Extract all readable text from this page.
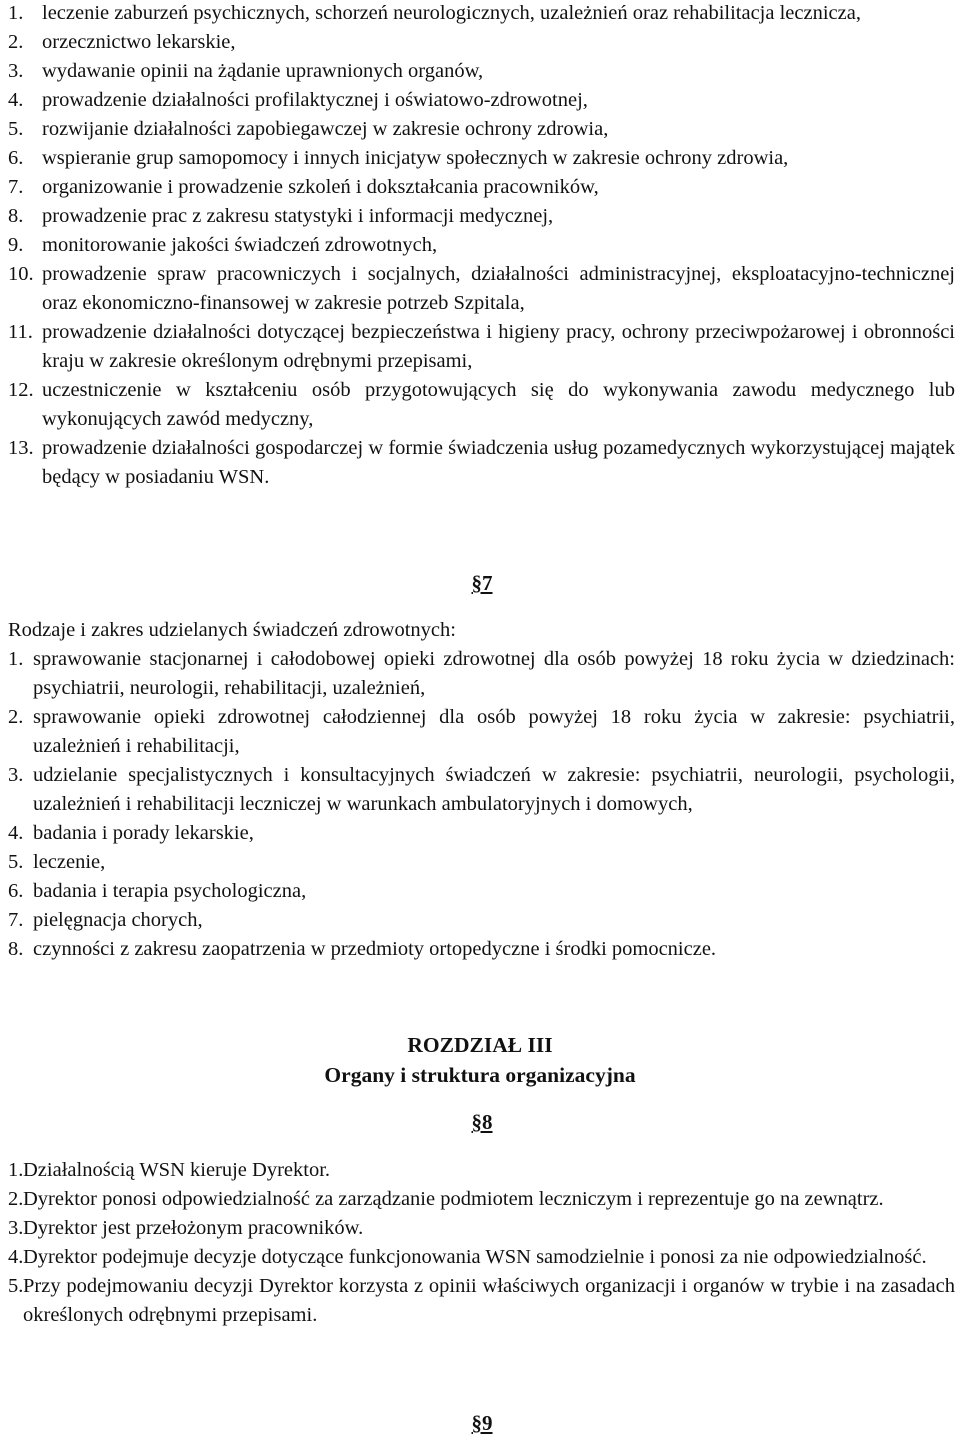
1. leczenie zaburzeń psychicznych, schorzeń neurologicznych, uzależnień oraz rehabilitacja lecznicza,
2. orzecznictwo lekarskie,
3. wydawanie opinii na żądanie uprawnionych organów,
4. prowadzenie działalności profilaktycznej i oświatowo-zdrowotnej,
5. rozwijanie działalności zapobiegawczej w zakresie ochrony zdrowia,
6. wspieranie grup samopomocy i innych inicjatyw społecznych w zakresie ochrony zdrowia,
7. organizowanie i prowadzenie szkoleń i dokształcania pracowników,
8. prowadzenie prac z zakresu statystyki i informacji medycznej,
9. monitorowanie jakości świadczeń zdrowotnych,
10. prowadzenie spraw pracowniczych i socjalnych, działalności administracyjnej, eksploatacyjno-technicznej oraz ekonomiczno-finansowej w zakresie potrzeb Szpitala,
11. prowadzenie działalności dotyczącej bezpieczeństwa i higieny pracy, ochrony przeciwpożarowej i obronności kraju w zakresie określonym odrębnymi przepisami,
12. uczestniczenie w kształceniu osób przygotowujących się do wykonywania zawodu medycznego lub wykonujących zawód medyczny,
13. prowadzenie działalności gospodarczej w formie świadczenia usług pozamedycznych wykorzystującej majątek będący w posiadaniu WSN.
§7
Rodzaje i zakres udzielanych świadczeń zdrowotnych:
1. sprawowanie stacjonarnej i całodobowej opieki zdrowotnej dla osób powyżej 18 roku życia w dziedzinach: psychiatrii, neurologii, rehabilitacji, uzależnień,
2. sprawowanie opieki zdrowotnej całodziennej dla osób powyżej 18 roku życia w zakresie: psychiatrii, uzależnień i rehabilitacji,
3. udzielanie specjalistycznych i konsultacyjnych świadczeń w zakresie: psychiatrii, neurologii, psychologii, uzależnień i rehabilitacji leczniczej w warunkach ambulatoryjnych i domowych,
4. badania i porady lekarskie,
5. leczenie,
6. badania i terapia psychologiczna,
7. pielęgnacja chorych,
8. czynności z zakresu zaopatrzenia w przedmioty ortopedyczne i środki pomocnicze.
ROZDZIAŁ III
Organy i struktura organizacyjna
§8
1. Działalnością WSN kieruje Dyrektor.
2. Dyrektor ponosi odpowiedzialność za zarządzanie podmiotem leczniczym i reprezentuje go na zewnątrz.
3. Dyrektor jest przełożonym pracowników.
4. Dyrektor podejmuje decyzje dotyczące funkcjonowania WSN samodzielnie i ponosi za nie odpowiedzialność.
5. Przy podejmowaniu decyzji Dyrektor korzysta z opinii właściwych organizacji i organów w trybie i na zasadach określonych odrębnymi przepisami.
§9
